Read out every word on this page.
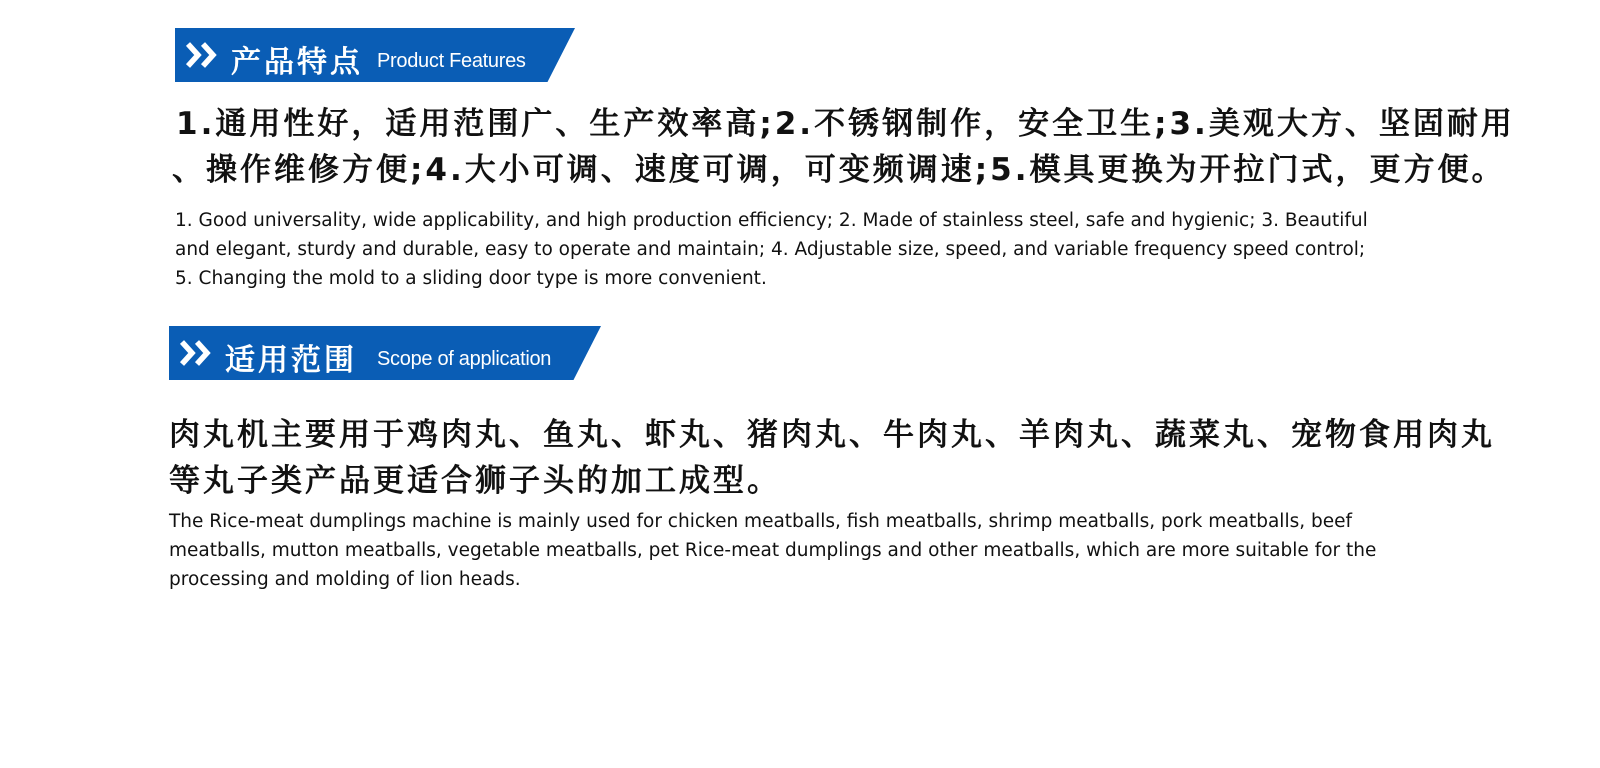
产品特点 Product Features

1.通用性好，适用范围广、生产效率高;2.不锈钢制作，安全卫生;3.美观大方、坚固耐用

、操作维修方便;4.大小可调、速度可调，可变频调速;5.模具更换为开拉门式，更方便。

1. Good universality, wide applicability, and high production efficiency; 2. Made of stainless steel, safe and hygienic; 3. Beautiful

and elegant, sturdy and durable, easy to operate and maintain; 4. Adjustable size, speed, and variable frequency speed control;

5. Changing the mold to a sliding door type is more convenient.

适用范围 Scope of application

肉丸机主要用于鸡肉丸、鱼丸、虾丸、猪肉丸、牛肉丸、羊肉丸、蔬菜丸、宠物食用肉丸

等丸子类产品更适合狮子头的加工成型。

The Rice-meat dumplings machine is mainly used for chicken meatballs, fish meatballs, shrimp meatballs, pork meatballs, beef

meatballs, mutton meatballs, vegetable meatballs, pet Rice-meat dumplings and other meatballs, which are more suitable for the

processing and molding of lion heads.
